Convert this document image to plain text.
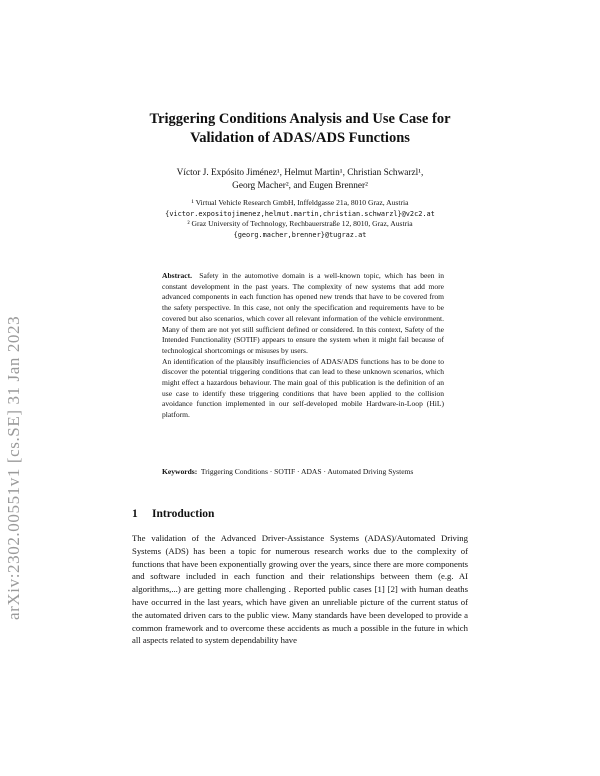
arXiv:2302.00551v1 [cs.SE] 31 Jan 2023
Triggering Conditions Analysis and Use Case for
Validation of ADAS/ADS Functions
Víctor J. Expósito Jiménez¹, Helmut Martin¹, Christian Schwarzl¹,
Georg Macher², and Eugen Brenner²
¹ Virtual Vehicle Research GmbH, Inffeldgasse 21a, 8010 Graz, Austria
{victor.expositojimenez,helmut.martin,christian.schwarzl}@v2c2.at
² Graz University of Technology, Rechbauerstraße 12, 8010, Graz, Austria
{georg.macher,brenner}@tugraz.at

Abstract. Safety in the automotive domain is a well-known topic, which has been in constant development in the past years. The complexity of new systems that add more advanced components in each function has opened new trends that have to be covered from the safety perspective. In this case, not only the specification and requirements have to be covered but also scenarios, which cover all relevant information of the vehicle environment. Many of them are not yet still sufficient defined or considered. In this context, Safety of the Intended Functionality (SOTIF) appears to ensure the system when it might fail because of technological shortcomings or misuses by users.

An identification of the plausibly insufficiencies of ADAS/ADS functions has to be done to discover the potential triggering conditions that can lead to these unknown scenarios, which might effect a hazardous behaviour. The main goal of this publication is the definition of an use case to identify these triggering conditions that have been applied to the collision avoidance function implemented in our self-developed mobile Hardware-in-Loop (HiL) platform.

Keywords: Triggering Conditions · SOTIF · ADAS · Automated Driving Systems
1 Introduction

The validation of the Advanced Driver-Assistance Systems (ADAS)/Automated Driving Systems (ADS) has been a topic for numerous research works due to the complexity of functions that have been exponentially growing over the years, since there are more components and software included in each function and their relationships between them (e.g. AI algorithms,...) are getting more challenging . Reported public cases [1] [2] with human deaths have occurred in the last years, which have given an unreliable picture of the current status of the automated driven cars to the public view. Many standards have been developed to provide a common framework and to overcome these accidents as much a possible in the future in which all aspects related to system dependability have
